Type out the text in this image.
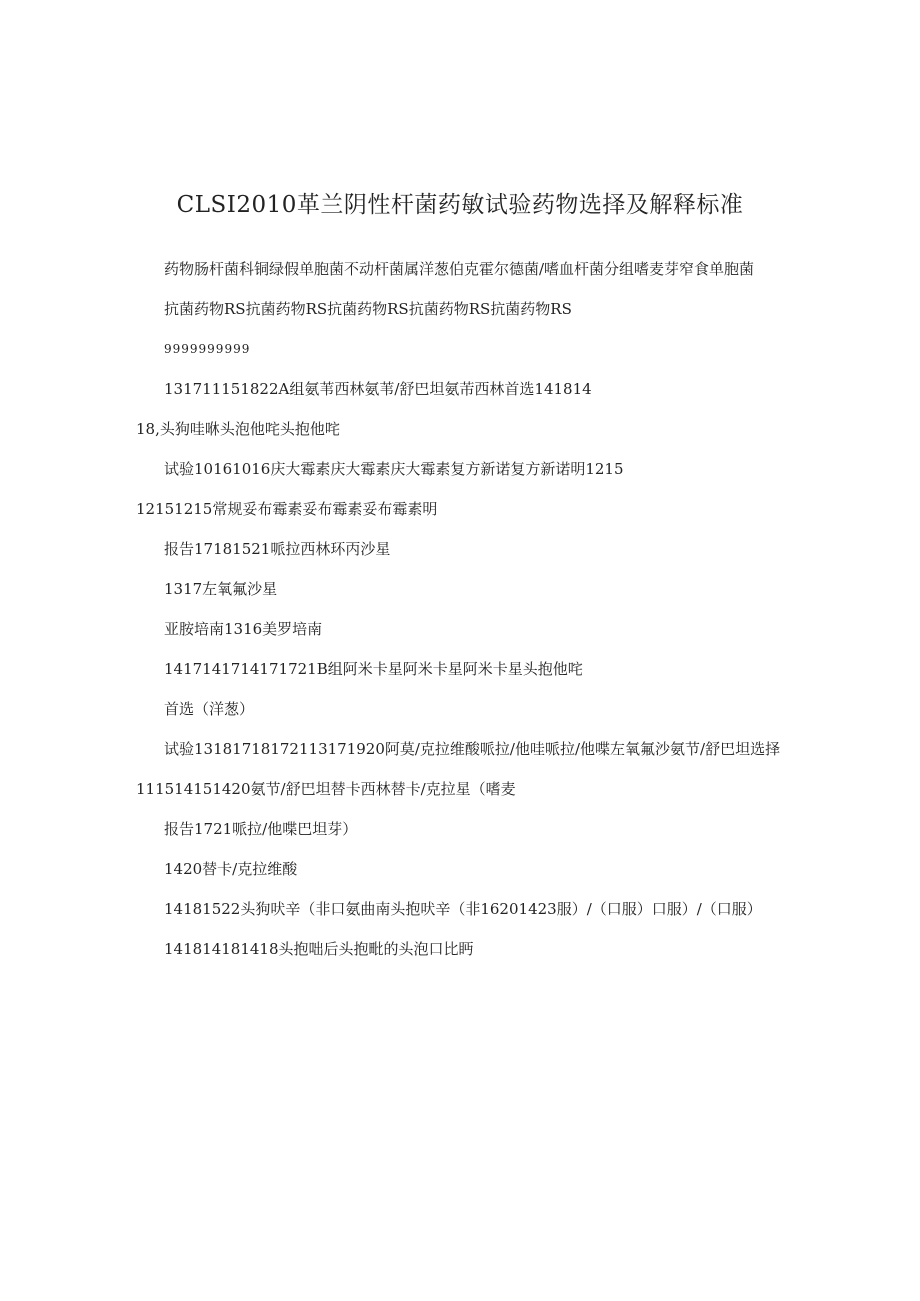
CLSI2010革兰阴性杆菌药敏试验药物选择及解释标准

药物肠杆菌科铜绿假单胞菌不动杆菌属洋葱伯克霍尔德菌/嗜血杆菌分组嗜麦芽窄食单胞菌

抗菌药物RS抗菌药物RS抗菌药物RS抗菌药物RS抗菌药物RS

9999999999

131711151822A组氨苇西林氨苇/舒巴坦氨芾西林首选141814

18,头狗哇咻头泡他咤头抱他咤

试验10161016庆大霉素庆大霉素庆大霉素复方新诺复方新诺明1215

12151215常规妥布霉素妥布霉素妥布霉素明

报告17181521哌拉西林环丙沙星

1317左氧氟沙星

亚胺培南1316美罗培南

1417141714171721B组阿米卡星阿米卡星阿米卡星头抱他咤

首选（洋葱）

试验13181718172113171920阿莫/克拉维酸哌拉/他哇哌拉/他喋左氧氟沙氨节/舒巴坦选择111514151420氨节/舒巴坦替卡西林替卡/克拉星（嗜麦

报告1721哌拉/他喋巴坦芽）

1420替卡/克拉维酸

14181522头狗吠辛（非口氨曲南头抱吠辛（非16201423服）/（口服）口服）/（口服）

141814181418头抱咄后头抱毗的头泡口比眄
